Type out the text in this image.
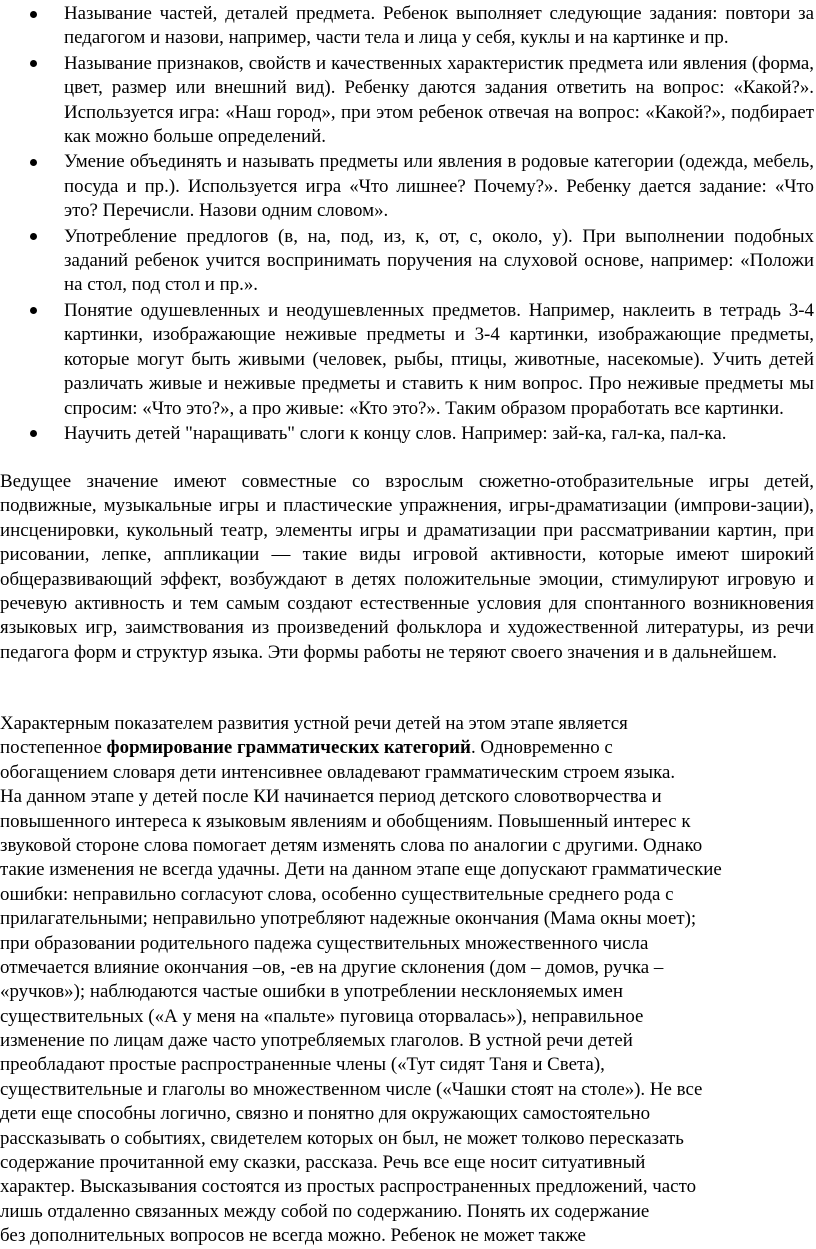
Называние частей, деталей предмета. Ребенок выполняет следующие задания: повтори за педагогом и назови, например, части тела и лица у себя, куклы и на картинке и пр.
Называние признаков, свойств и качественных характеристик предмета или явления (форма, цвет, размер или внешний вид). Ребенку даются задания ответить на вопрос: «Какой?». Используется игра: «Наш город», при этом ребенок отвечая на вопрос: «Какой?», подбирает как можно больше определений.
Умение объединять и называть предметы или явления в родовые категории (одежда, мебель, посуда и пр.). Используется игра «Что лишнее? Почему?». Ребенку дается задание: «Что это? Перечисли. Назови одним словом».
Употребление предлогов (в, на, под, из, к, от, с, около, у). При выполнении подобных заданий ребенок учится воспринимать поручения на слуховой основе, например: «Положи на стол, под стол и пр.».
Понятие одушевленных и неодушевленных предметов. Например, наклеить в тетрадь 3-4 картинки, изображающие неживые предметы и 3-4 картинки, изображающие предметы, которые могут быть живыми (человек, рыбы, птицы, животные, насекомые). Учить детей различать живые и неживые предметы и ставить к ним вопрос. Про неживые предметы мы спросим: «Что это?», а про живые: «Кто это?». Таким образом проработать все картинки.
Научить детей "наращивать" слоги к концу слов. Например: зай-ка, гал-ка, пал-ка.

Ведущее значение имеют совместные со взрослым сюжетно-отобразительные игры детей, подвижные, музыкальные игры и пластические упражнения, игры-драматизации (импрови-зации), инсценировки, кукольный театр, элементы игры и драматизации при рассматривании картин, при рисовании, лепке, аппликации — такие виды игровой активности, которые имеют широкий общеразвивающий эффект, возбуждают в детях положительные эмоции, стимулируют игровую и речевую активность и тем самым создают естественные условия для спонтанного возникновения языковых игр, заимствования из произведений фольклора и художественной литературы, из речи педагога форм и структур языка. Эти формы работы не теряют своего значения и в дальнейшем.

Характерным показателем развития устной речи детей на этом этапе является
постепенное формирование грамматических категорий. Одновременно с
обогащением словаря дети интенсивнее овладевают грамматическим строем языка.
На данном этапе у детей после КИ начинается период детского словотворчества и
повышенного интереса к языковым явлениям и обобщениям. Повышенный интерес к
звуковой стороне слова помогает детям изменять слова по аналогии с другими. Однако
такие изменения не всегда удачны. Дети на данном этапе еще допускают грамматические
ошибки: неправильно согласуют слова, особенно существительные среднего рода с
прилагательными; неправильно употребляют надежные окончания (Мама окны моет);
при образовании родительного падежа существительных множественного числа
отмечается влияние окончания –ов, -ев на другие склонения (дом – домов, ручка –
«ручков»); наблюдаются частые ошибки в употреблении несклоняемых имен
существительных («А у меня на «пальте» пуговица оторвалась»), неправильное
изменение по лицам даже часто употребляемых глаголов. В устной речи детей
преобладают простые распространенные члены («Тут сидят Таня и Света),
существительные и глаголы во множественном числе («Чашки стоят на столе»). Не все
дети еще способны логично, связно и понятно для окружающих самостоятельно
рассказывать о событиях, свидетелем которых он был, не может толково пересказать
содержание прочитанной ему сказки, рассказа. Речь все еще носит ситуативный
характер. Высказывания состоятся из простых распространенных предложений, часто
лишь отдаленно связанных между собой по содержанию. Понять их содержание
без дополнительных вопросов не всегда можно. Ребенок не может также
